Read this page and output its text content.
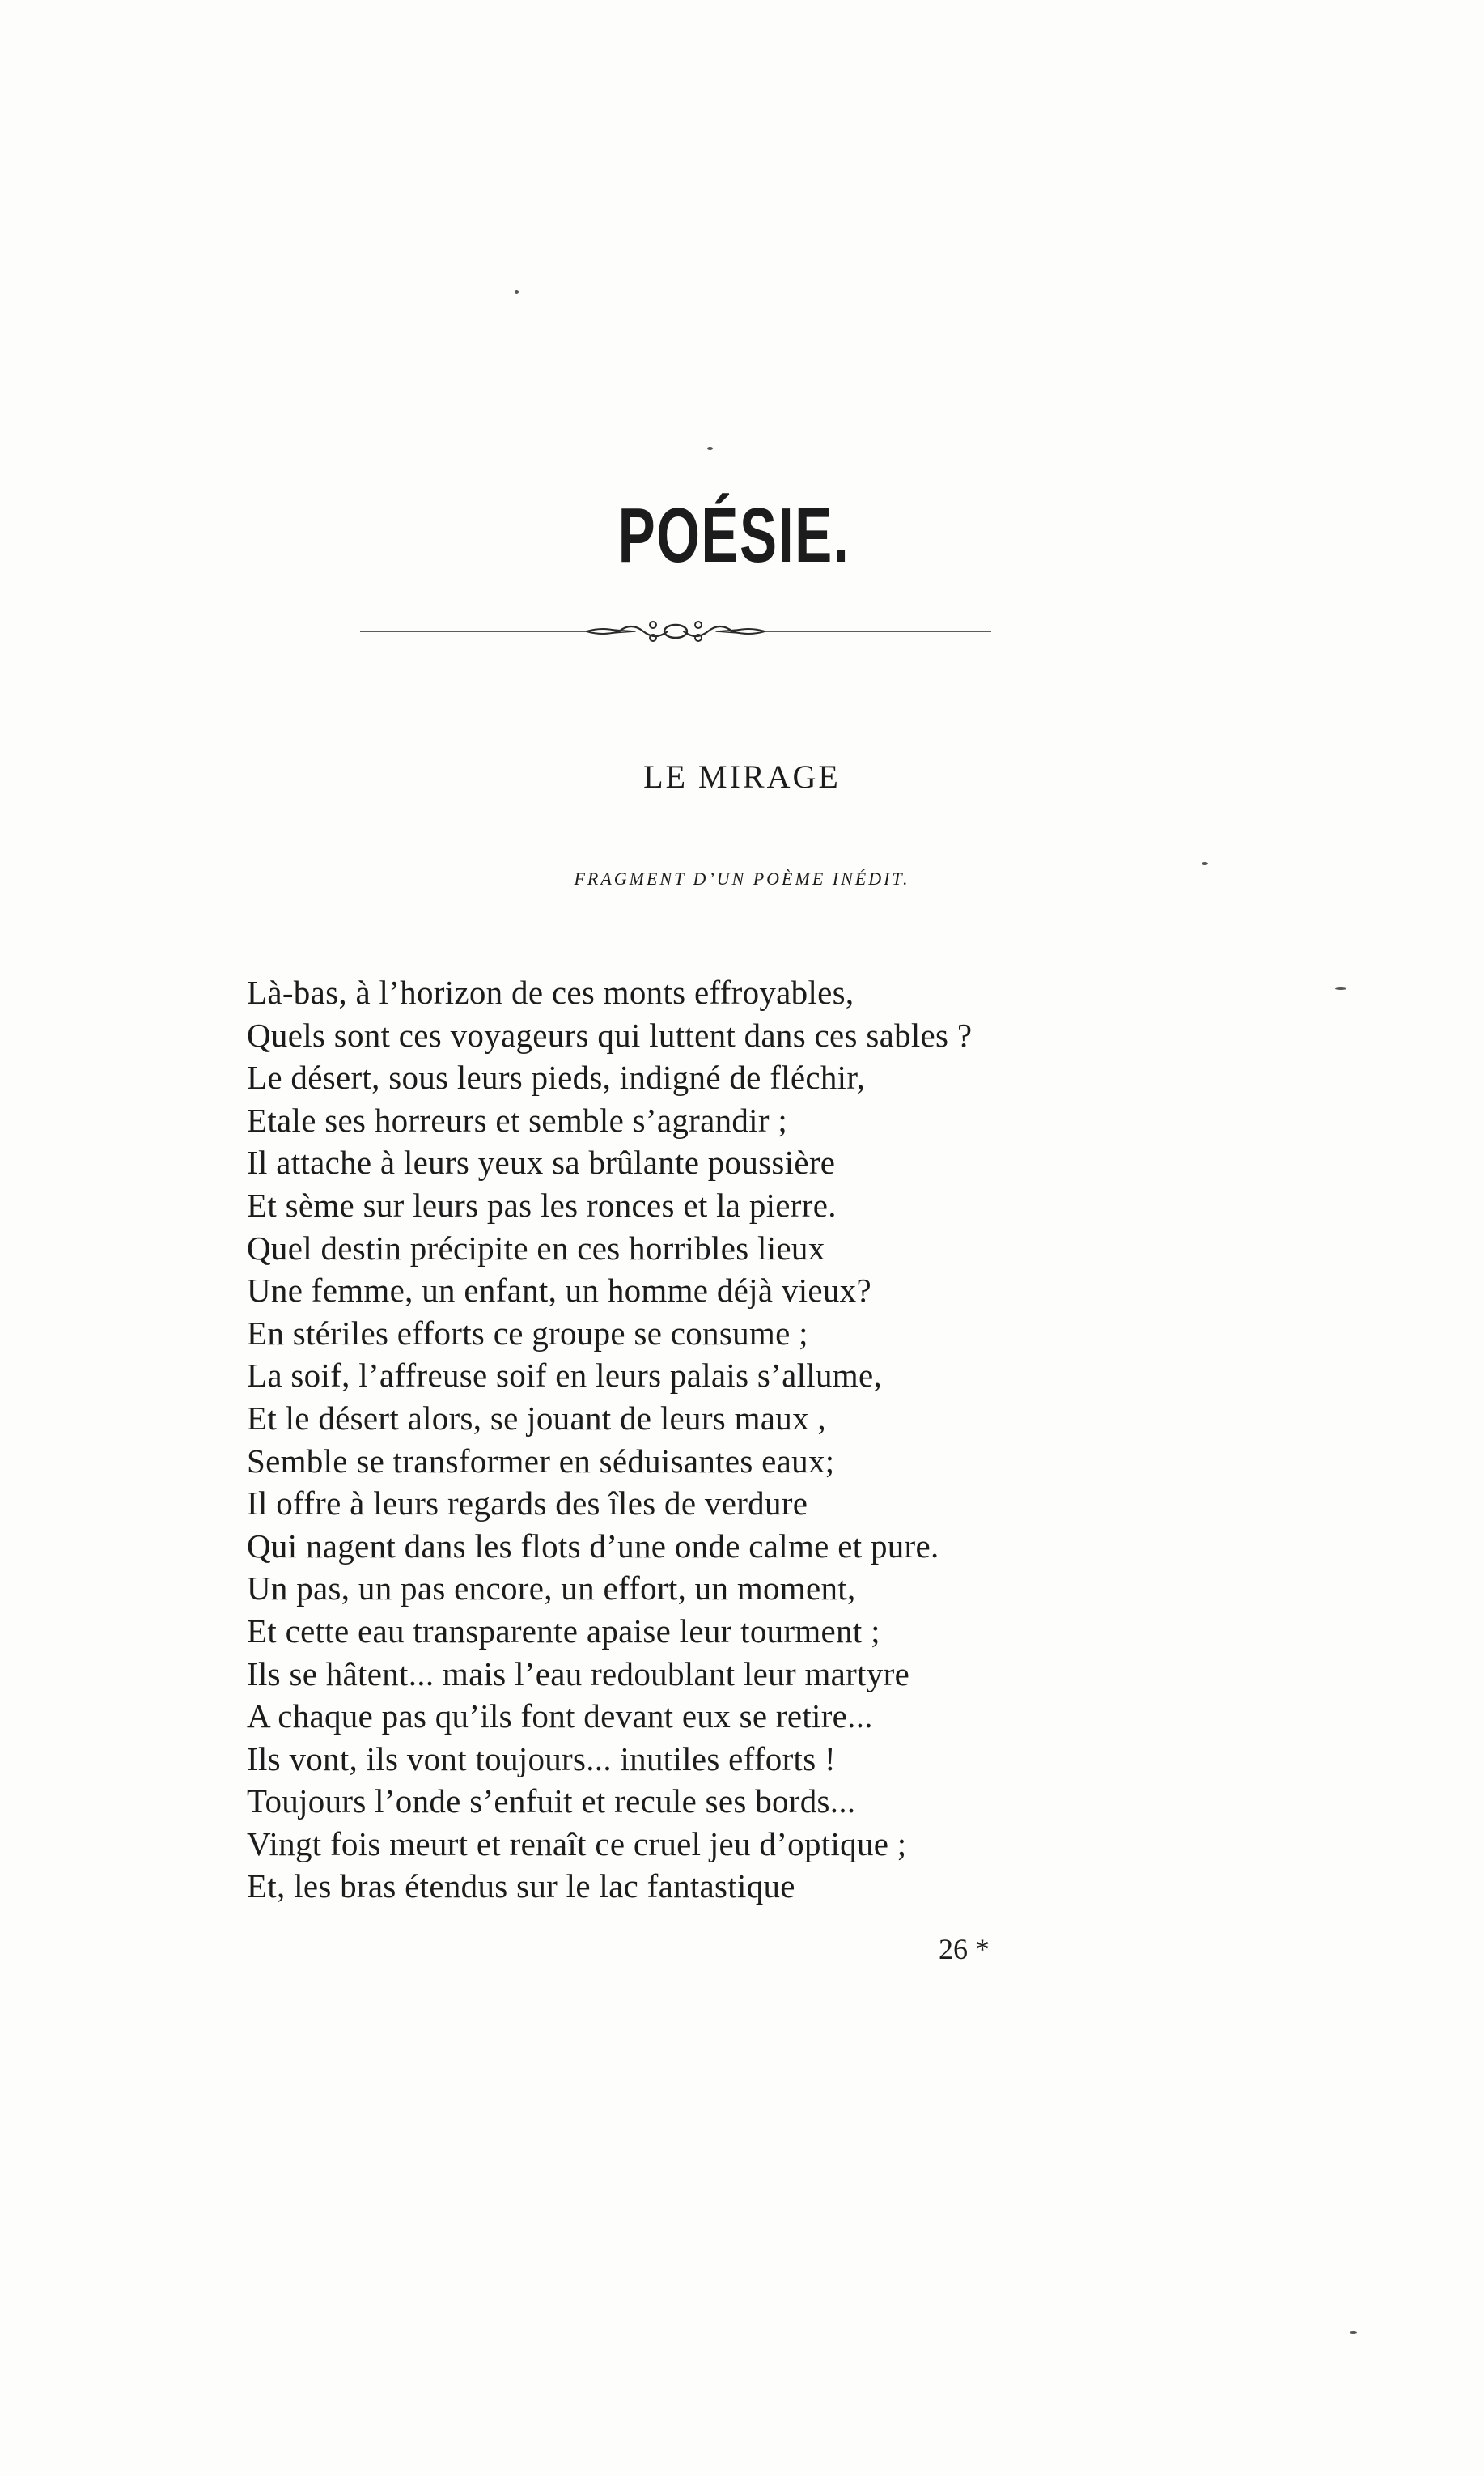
POÉSIE.
LE MIRAGE
FRAGMENT D’UN POÈME INÉDIT.
Là-bas, à l’horizon de ces monts effroyables,
Quels sont ces voyageurs qui luttent dans ces sables ?
Le désert, sous leurs pieds, indigné de fléchir,
Etale ses horreurs et semble s’agrandir ;
Il attache à leurs yeux sa brûlante poussière
Et sème sur leurs pas les ronces et la pierre.
Quel destin précipite en ces horribles lieux
Une femme, un enfant, un homme déjà vieux?
En stériles efforts ce groupe se consume ;
La soif, l’affreuse soif en leurs palais s’allume,
Et le désert alors, se jouant de leurs maux ,
Semble se transformer en séduisantes eaux;
Il offre à leurs regards des îles de verdure
Qui nagent dans les flots d’une onde calme et pure.
Un pas, un pas encore, un effort, un moment,
Et cette eau transparente apaise leur tourment ;
Ils se hâtent... mais l’eau redoublant leur martyre
A chaque pas qu’ils font devant eux se retire...
Ils vont, ils vont toujours... inutiles efforts !
Toujours l’onde s’enfuit et recule ses bords...
Vingt fois meurt et renaît ce cruel jeu d’optique ;
Et, les bras étendus sur le lac fantastique
26 *
